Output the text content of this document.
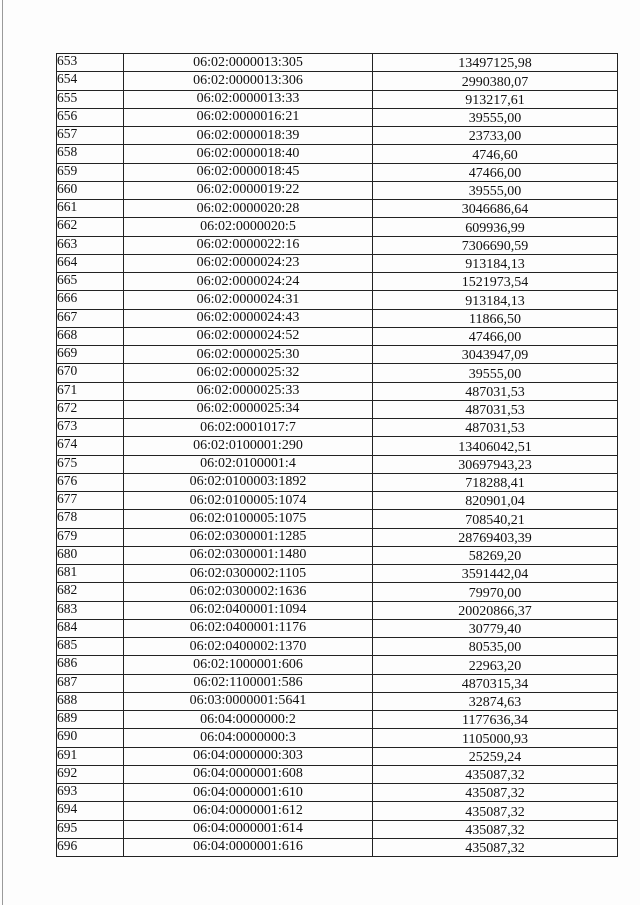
653	06:02:0000013:305	13497125,98
654	06:02:0000013:306	2990380,07
655	06:02:0000013:33	913217,61
656	06:02:0000016:21	39555,00
657	06:02:0000018:39	23733,00
658	06:02:0000018:40	4746,60
659	06:02:0000018:45	47466,00
660	06:02:0000019:22	39555,00
661	06:02:0000020:28	3046686,64
662	06:02:0000020:5	609936,99
663	06:02:0000022:16	7306690,59
664	06:02:0000024:23	913184,13
665	06:02:0000024:24	1521973,54
666	06:02:0000024:31	913184,13
667	06:02:0000024:43	11866,50
668	06:02:0000024:52	47466,00
669	06:02:0000025:30	3043947,09
670	06:02:0000025:32	39555,00
671	06:02:0000025:33	487031,53
672	06:02:0000025:34	487031,53
673	06:02:0001017:7	487031,53
674	06:02:0100001:290	13406042,51
675	06:02:0100001:4	30697943,23
676	06:02:0100003:1892	718288,41
677	06:02:0100005:1074	820901,04
678	06:02:0100005:1075	708540,21
679	06:02:0300001:1285	28769403,39
680	06:02:0300001:1480	58269,20
681	06:02:0300002:1105	3591442,04
682	06:02:0300002:1636	79970,00
683	06:02:0400001:1094	20020866,37
684	06:02:0400001:1176	30779,40
685	06:02:0400002:1370	80535,00
686	06:02:1000001:606	22963,20
687	06:02:1100001:586	4870315,34
688	06:03:0000001:5641	32874,63
689	06:04:0000000:2	1177636,34
690	06:04:0000000:3	1105000,93
691	06:04:0000000:303	25259,24
692	06:04:0000001:608	435087,32
693	06:04:0000001:610	435087,32
694	06:04:0000001:612	435087,32
695	06:04:0000001:614	435087,32
696	06:04:0000001:616	435087,32
